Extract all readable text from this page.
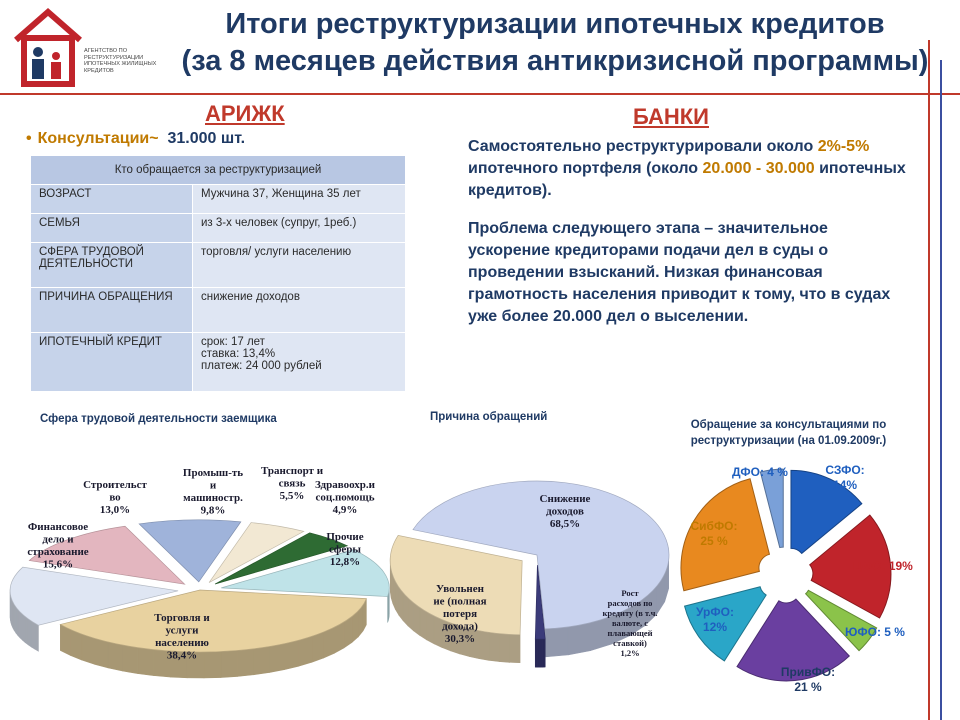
АГЕНТСТВО ПО РЕСТРУКТУРИЗАЦИИ ИПОТЕЧНЫХ ЖИЛИЩНЫХ КРЕДИТОВ
Итоги реструктуризации ипотечных кредитов
(за 8 месяцев действия антикризисной программы)
АРИЖК
• Консультации~ 31.000 шт.
Кто обращается за реструктуризацией	
ВОЗРАСТ	Мужчина 37, Женщина 35 лет
СЕМЬЯ	из 3-х человек (супруг, 1реб.)
СФЕРА ТРУДОВОЙ ДЕЯТЕЛЬНОСТИ	торговля/ услуги населению
ПРИЧИНА ОБРАЩЕНИЯ	снижение доходов
ИПОТЕЧНЫЙ КРЕДИТ	срок: 17 лет
ставка: 13,4%
платеж: 24 000 рублей
БАНКИ

Самостоятельно реструктурировали около 2%-5% ипотечного портфеля (около 20.000 - 30.000 ипотечных кредитов).

Проблема следующего этапа – значительное ускорение кредиторами подачи дел в суды о проведении взысканий. Низкая финансовая грамотность населения приводит к тому, что в судах уже более 20.000 дел о выселении.

Сфера трудовой деятельности заемщика	Причина обращений
Обращение за консультациями по реструктуризации (на 01.09.2009г.)
Торговля и услуги населению 38,4%
Финансовое дело и страхование 15,6%
Строительст во 13,0%
Промыш-ть и машиностр. 9,8%
Транспорт и связь 5,5%
Здравоохр.и соц.помощь 4,9%
Прочие сферы 12,8%
Снижение доходов 68,5%
Увольнен ие (полная потеря дохода) 30,3%
Рост расходов по кредиту (в т.ч. валюте, с плавающей ставкой) 1,2%
СЗФО: 14%
ЦФО: 19%
ЮФО: 5 %
ПривФО: 21 %
УрФО: 12%
СибФО: 25 %
ДФО: 4 %
